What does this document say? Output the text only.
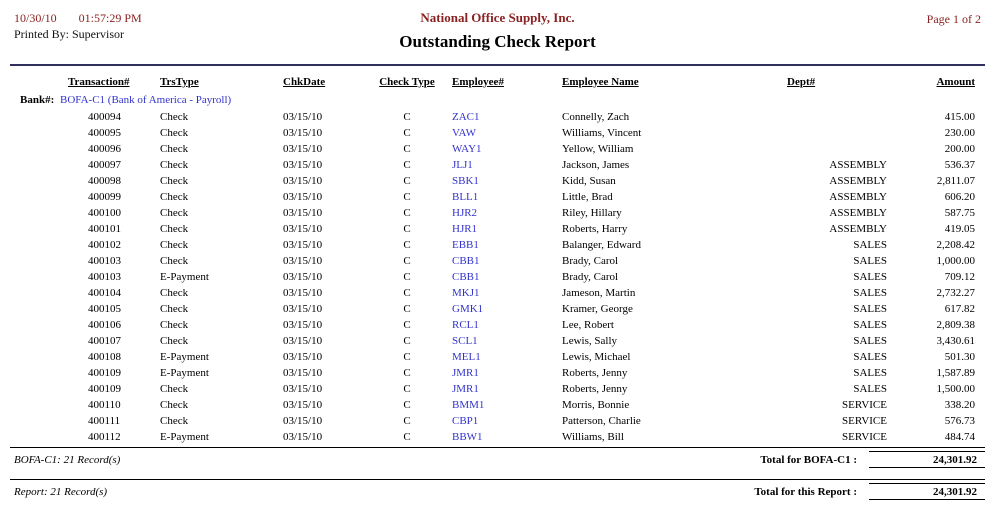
10/30/10 01:57:29 PM
Printed By: Supervisor
National Office Supply, Inc.
Outstanding Check Report
Page 1 of 2
	Transaction#	TrsType	ChkDate	Check Type	Employee#	Employee Name	Dept#	Amount
Bank#:	BOFA-C1 (Bank of America - Payroll)							
	400094	Check	03/15/10	C	ZAC1	Connelly, Zach		415.00
	400095	Check	03/15/10	C	VAW	Williams, Vincent		230.00
	400096	Check	03/15/10	C	WAY1	Yellow, William		200.00
	400097	Check	03/15/10	C	JLJ1	Jackson, James	ASSEMBLY	536.37
	400098	Check	03/15/10	C	SBK1	Kidd, Susan	ASSEMBLY	2,811.07
	400099	Check	03/15/10	C	BLL1	Little, Brad	ASSEMBLY	606.20
	400100	Check	03/15/10	C	HJR2	Riley, Hillary	ASSEMBLY	587.75
	400101	Check	03/15/10	C	HJR1	Roberts, Harry	ASSEMBLY	419.05
	400102	Check	03/15/10	C	EBB1	Balanger, Edward	SALES	2,208.42
	400103	Check	03/15/10	C	CBB1	Brady, Carol	SALES	1,000.00
	400103	E-Payment	03/15/10	C	CBB1	Brady, Carol	SALES	709.12
	400104	Check	03/15/10	C	MKJ1	Jameson, Martin	SALES	2,732.27
	400105	Check	03/15/10	C	GMK1	Kramer, George	SALES	617.82
	400106	Check	03/15/10	C	RCL1	Lee, Robert	SALES	2,809.38
	400107	Check	03/15/10	C	SCL1	Lewis, Sally	SALES	3,430.61
	400108	E-Payment	03/15/10	C	MEL1	Lewis, Michael	SALES	501.30
	400109	E-Payment	03/15/10	C	JMR1	Roberts, Jenny	SALES	1,587.89
	400109	Check	03/15/10	C	JMR1	Roberts, Jenny	SALES	1,500.00
	400110	Check	03/15/10	C	BMM1	Morris, Bonnie	SERVICE	338.20
	400111	Check	03/15/10	C	CBP1	Patterson, Charlie	SERVICE	576.73
	400112	E-Payment	03/15/10	C	BBW1	Williams, Bill	SERVICE	484.74
BOFA-C1: 21 Record(s)	Total for BOFA-C1 :	24,301.92
Report: 21 Record(s)	Total for this Report :	24,301.92
